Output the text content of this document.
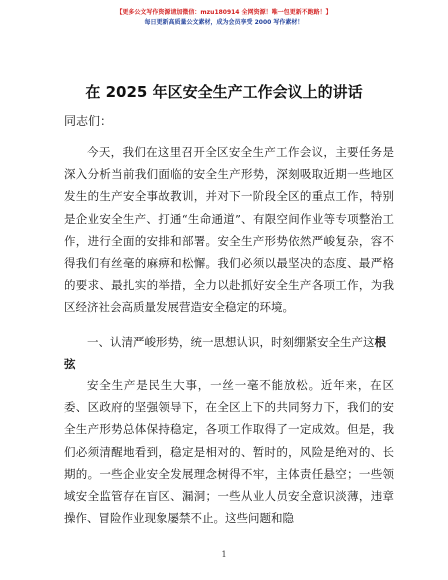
【更多公文写作资源请加微信：mzu180914 全网资源！唯一包更新不跑路！】
每日更新高质量公文素材，成为会员享受 2000 写作素材！
在 2025 年区安全生产工作会议上的讲话
同志们：

今天，我们在这里召开全区安全生产工作会议，主要任务是深入分析当前我们面临的安全生产形势，深刻吸取近期一些地区发生的生产安全事故教训，并对下一阶段全区的重点工作，特别是企业安全生产、打通“生命通道”、有限空间作业等专项整治工作，进行全面的安排和部署。安全生产形势依然严峻复杂，容不得我们有丝毫的麻痹和松懈。我们必须以最坚决的态度、最严格的要求、最扎实的举措，全力以赴抓好安全生产各项工作，为我区经济社会高质量发展营造安全稳定的环境。

一、认清严峻形势，统一思想认识，时刻绷紧安全生产这根弦

安全生产是民生大事，一丝一毫不能放松。近年来，在区委、区政府的坚强领导下，在全区上下的共同努力下，我们的安全生产形势总体保持稳定，各项工作取得了一定成效。但是，我们必须清醒地看到，稳定是相对的、暂时的，风险是绝对的、长期的。一些企业安全发展理念树得不牢，主体责任悬空；一些领域安全监管存在盲区、漏洞；一些从业人员安全意识淡薄，违章操作、冒险作业现象屡禁不止。这些问题和隐

1
